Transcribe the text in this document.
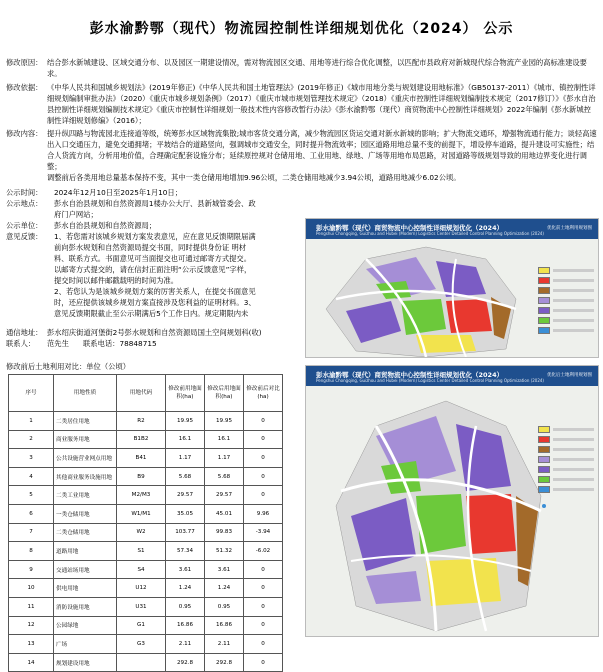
彭水渝黔鄂（现代）物流园控制性详细规划优化（2024） 公示
修改原因： 结合彭水新城建设、区域交通分布、以及园区一期建设情况，需对物流园区交通、用地等进行综合优化调整，以匹配市县政府对新城现代综合物流产业园的高标准建设要求。
修改依据： 《中华人民共和国城乡规划法》(2019年修正)《中华人民共和国土地管理法》(2019年修正)《城市用地分类与规划建设用地标准》（GB50137-2011）《城市、镇控制性详细规划编制审批办法》（2020）《重庆市城乡规划条例》（2017）《重庆市城市规划管理技术规定》（2018）《重庆市控制性详细规划编制技术规定（2017修订）》《彭水自治县控制性详细规划编制技术规定》《重庆市控制性详细规划一般技术性内容修改暂行办法》《彭水渝黔鄂（现代）商贸物流中心控制性详细规划》2022年编制《彭水新城控制性详细规划修编》（2016）；
修改内容： 提升纵四路与物流园北连接道等级，统筹彭水区域物流集散;城市客货交通分离，减少物流园区货运交通对新水新城的影响；扩大物流交通环，增强物流通行能力；谈轻高速出入口交通压力，避免交通拥堵；平坡结合的道路竖向，强调城市交通安全，同时提升物流效率；园区道路用地总量不变的前提下，增设停车道路，提升建设可实施性；结合人货流方向，分析用地价值，合理确定配套设施分布；延续原控规对仓储用地、工业用地、绿地、广场等用地布局思路，对园道路等级规划导致的用地边界变化进行调整；
调整前后各类用地总量基本保持不变，其中一类仓储用地增加9.96公顷，二类仓储用地减少3.94公顷，道路用地减少6.02公顷。
公示时间：	2024年12月10日至2025年1月10日；
公示地点：	彭水自治县规划和自然资源局1楼办公大厅、县新城管委会、政府门户网站；
公示单位：	彭水自治县规划和自然资源局；
意见反馈：	1、若您需对该城乡规划方案发表意见，应在意见反馈期限届满前向彭水规划和自然资源局提交书面，同时提供身份证 明材料、联系方式。书面意见可当面提交也可通过邮寄方式提交。以邮寄方式提交的，请在信封正面注明“公示反馈意见”字样，提交时间以邮件邮戳载明的时间为准。
2、若您认为是该城乡规划方案的厉害关系人，在提交书面意见时，还应提供该城乡规划方案直接涉及您利益的证明材料。3、意见反馈期限截止至公示期满后5个工作日内。规定期限内未
通信地址： 彭水绍庆街道河堡街2号彭水规划和自然资源局国土空间规划科(收)
联系人：	范先生	联系电话： 78848715
修改前后土地利用对比：单位（公顷）
序号	用地性质	用地代码	修改前用地面积(ha)	修改后用地面积(ha)	修改前后对比(ha)
1	二类居住用地	R2	19.95	19.95	0
2	商业服务用地	B1B2	16.1	16.1	0
3	公共设施营业网点用地	B41	1.17	1.17	0
4	其他商业服务设施用地	B9	5.68	5.68	0
5	二类工业用地	M2/M3	29.57	29.57	0
6	一类仓储用地	W1/M1	35.05	45.01	9.96
7	二类仓储用地	W2	103.77	99.83	-3.94
8	道路用地	S1	57.34	51.32	-6.02
9	交通站场用地	S4	3.61	3.61	0
10	供电用地	U12	1.24	1.24	0
11	消防设施用地	U31	0.95	0.95	0
12	公园绿地	G1	16.86	16.86	0
13	广场	G3	2.11	2.11	0
14	规划建设用地		292.8	292.8	0
彭水渝黔鄂（现代）商贸物流中心控制性详细规划优化（2024）
Pengshui Chongqing, Guizhou and Hubei (Modern) Logistics Center Detailed Control Planning Optimization (2024)
优化前土地利用规划图
彭水渝黔鄂（现代）商贸物流中心控制性详细规划优化（2024）
Pengshui Chongqing, Guizhou and Hubei (Modern) Logistics Center Detailed Control Planning Optimization (2024)
优化后土地利用规划图
